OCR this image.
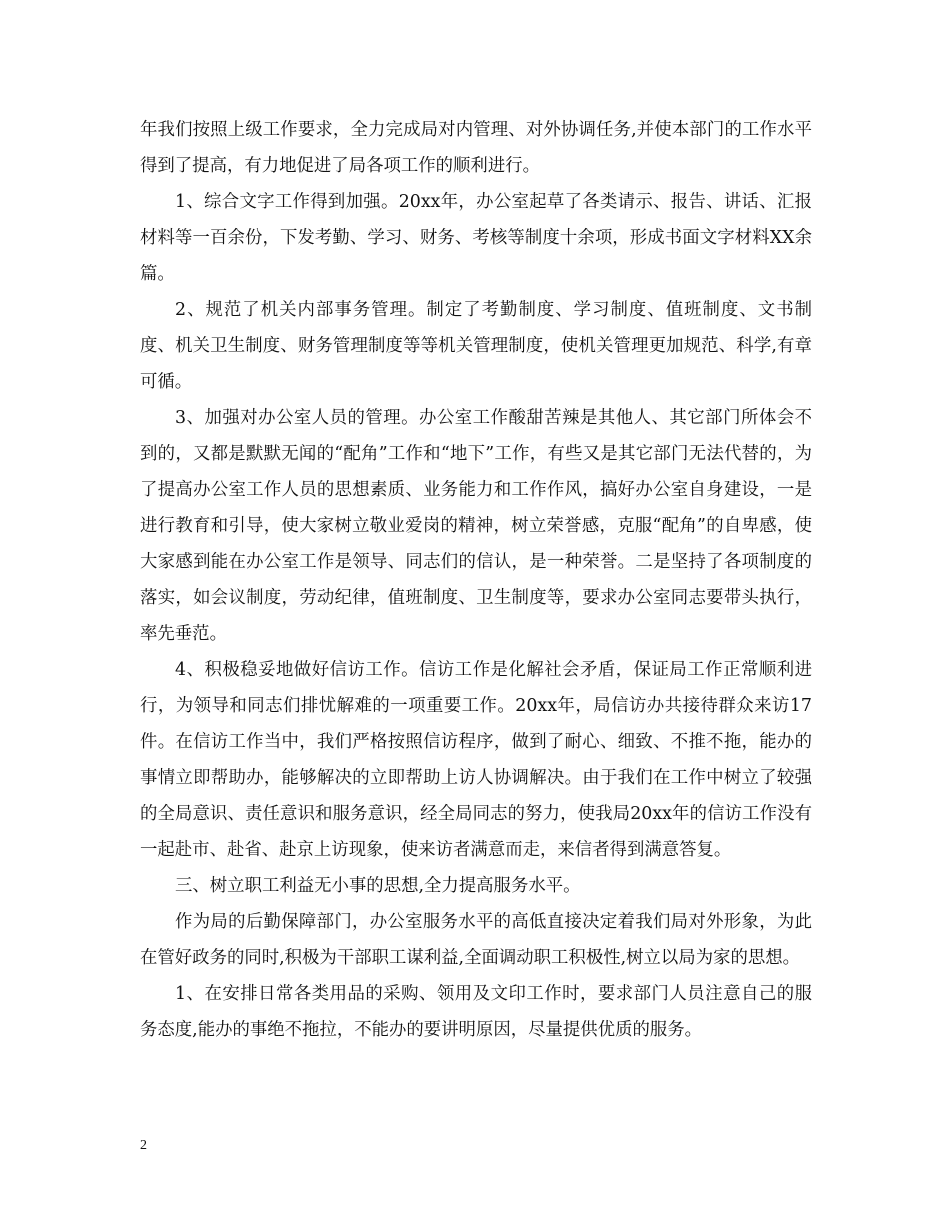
年我们按照上级工作要求，全力完成局对内管理、对外协调任务,并使本部门的工作水平得到了提高，有力地促进了局各项工作的顺利进行。

1、综合文字工作得到加强。20xx年，办公室起草了各类请示、报告、讲话、汇报材料等一百余份，下发考勤、学习、财务、考核等制度十余项，形成书面文字材料XX余篇。

2、规范了机关内部事务管理。制定了考勤制度、学习制度、值班制度、文书制度、机关卫生制度、财务管理制度等等机关管理制度，使机关管理更加规范、科学,有章可循。

3、加强对办公室人员的管理。办公室工作酸甜苦辣是其他人、其它部门所体会不到的，又都是默默无闻的“配角”工作和“地下”工作，有些又是其它部门无法代替的，为了提高办公室工作人员的思想素质、业务能力和工作作风，搞好办公室自身建设，一是进行教育和引导，使大家树立敬业爱岗的精神，树立荣誉感，克服“配角”的自卑感，使大家感到能在办公室工作是领导、同志们的信认，是一种荣誉。二是坚持了各项制度的落实，如会议制度，劳动纪律，值班制度、卫生制度等，要求办公室同志要带头执行，率先垂范。

4、积极稳妥地做好信访工作。信访工作是化解社会矛盾，保证局工作正常顺利进行，为领导和同志们排忧解难的一项重要工作。20xx年，局信访办共接待群众来访17件。在信访工作当中，我们严格按照信访程序，做到了耐心、细致、不推不拖，能办的事情立即帮助办，能够解决的立即帮助上访人协调解决。由于我们在工作中树立了较强的全局意识、责任意识和服务意识，经全局同志的努力，使我局20xx年的信访工作没有一起赴市、赴省、赴京上访现象，使来访者满意而走，来信者得到满意答复。

三、树立职工利益无小事的思想,全力提高服务水平。

作为局的后勤保障部门，办公室服务水平的高低直接决定着我们局对外形象，为此在管好政务的同时,积极为干部职工谋利益,全面调动职工积极性,树立以局为家的思想。

1、在安排日常各类用品的采购、领用及文印工作时，要求部门人员注意自己的服务态度,能办的事绝不拖拉，不能办的要讲明原因，尽量提供优质的服务。

2
